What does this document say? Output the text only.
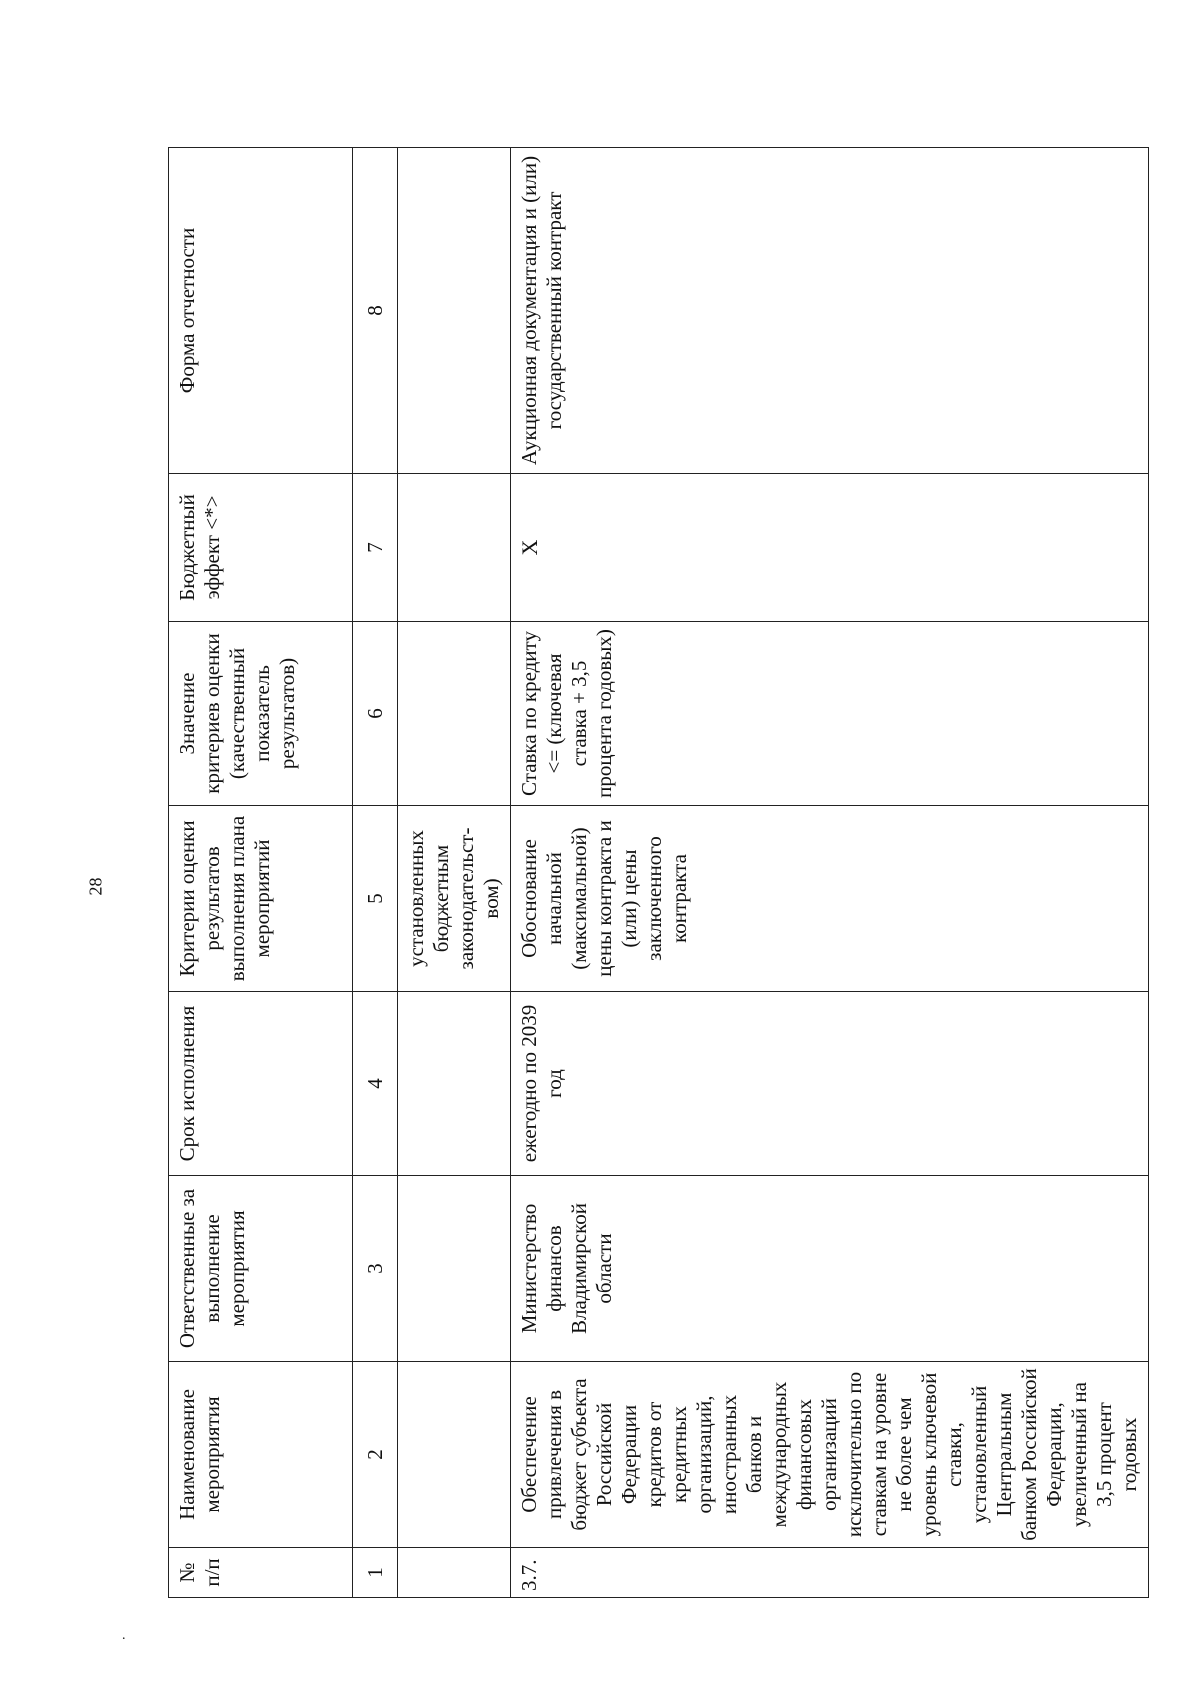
28
.
№ п/п	Наименование мероприятия	Ответственные за выполнение мероприятия	Срок исполнения	Критерии оценки результатов выполнения плана мероприятий	Значение критериев оценки (качественный показатель результатов)	Бюджетный эффект <*>	Форма отчетности
1	2	3	4	5	6	7	8
				установленных бюджетным законодательст-вом)			
3.7.	Обеспечение привлечения в бюджет субъекта Российской Федерации кредитов от кредитных организаций, иностранных банков и международных финансовых организаций исключительно по ставкам на уровне не более чем уровень ключевой ставки, установленный Центральным банком Российской Федерации, увеличенный на 3,5 процент годовых	Министерство финансов Владимирской области	ежегодно по 2039 год	Обоснование начальной (максимальной) цены контракта и (или) цены заключенного контракта	Ставка по кредиту <= (ключевая ставка + 3,5 процента годовых)	X	Аукционная документация и (или) государственный контракт
